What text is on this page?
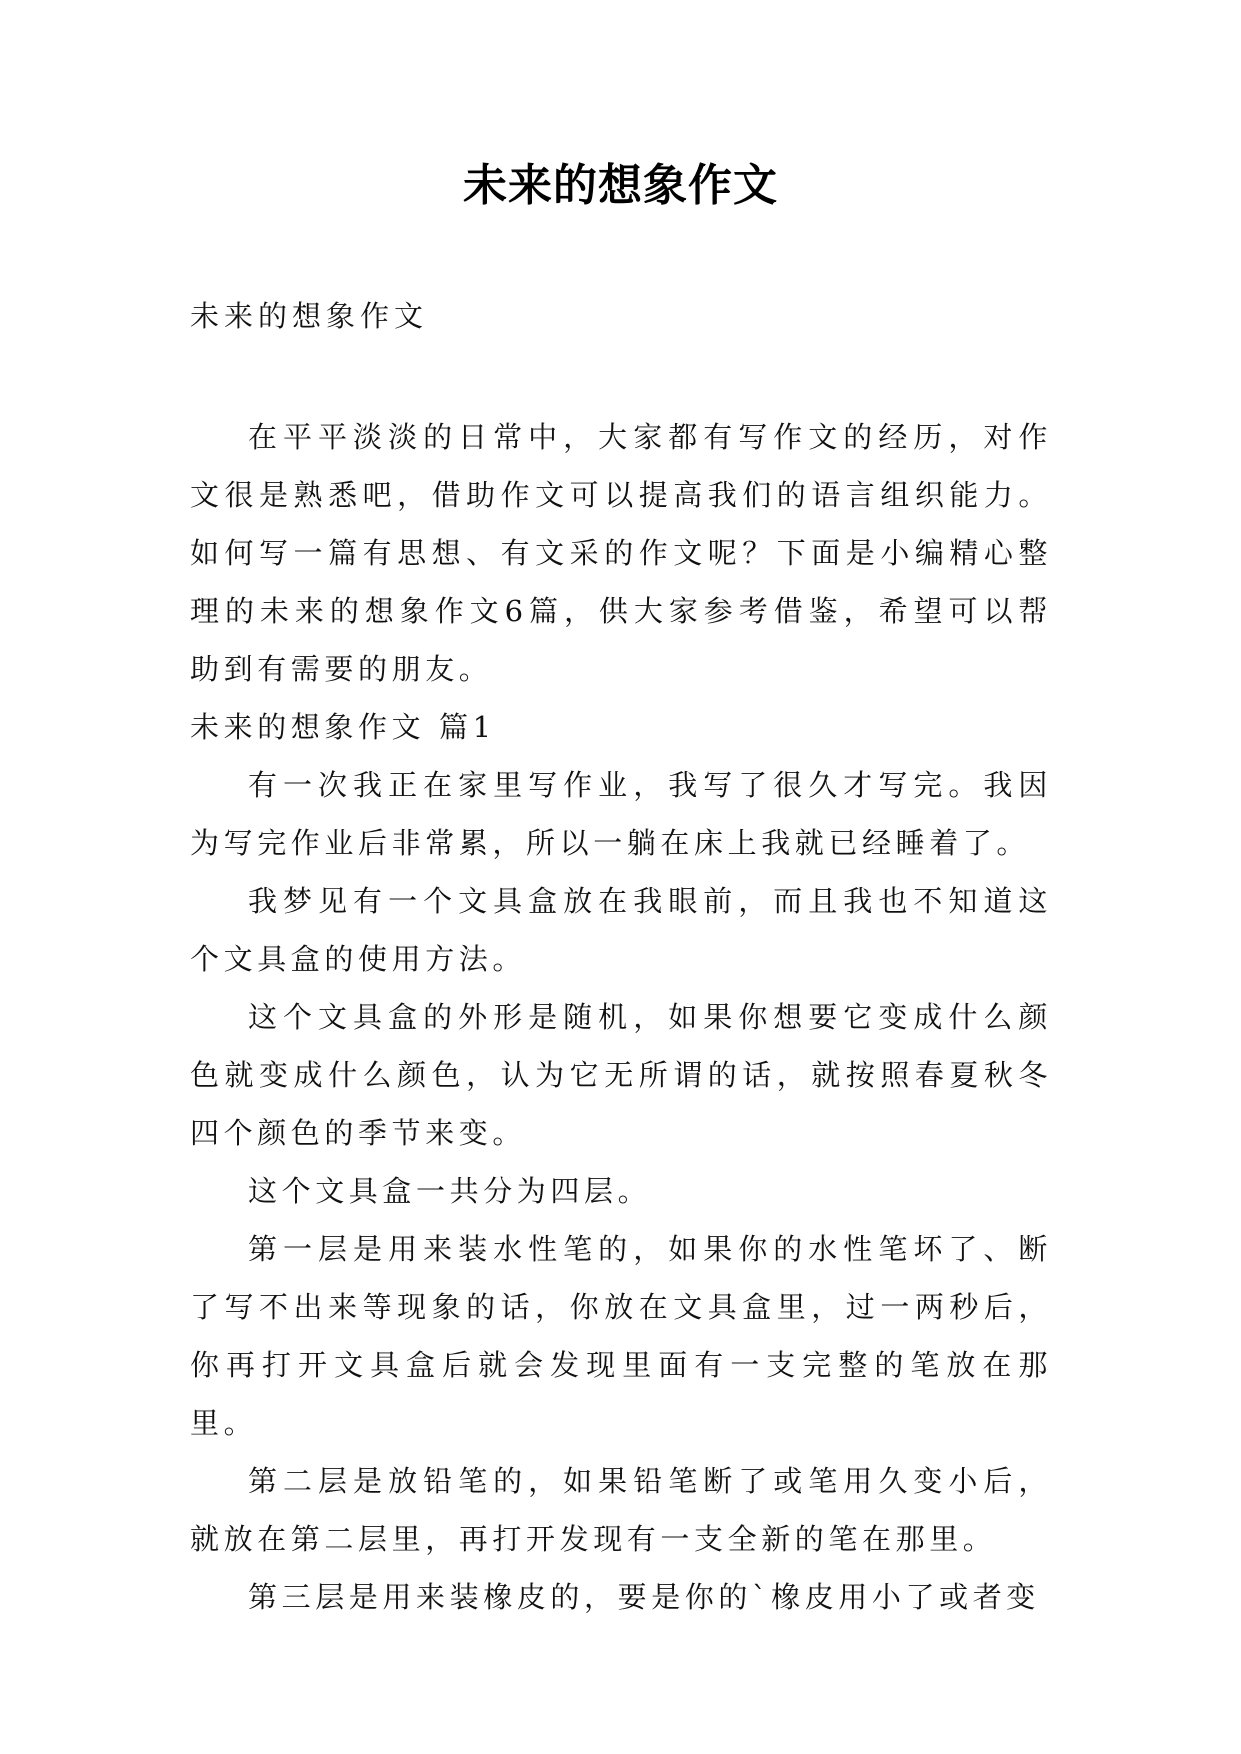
未来的想象作文
未来的想象作文

在平平淡淡的日常中，大家都有写作文的经历，对作文很是熟悉吧，借助作文可以提高我们的语言组织能力。如何写一篇有思想、有文采的作文呢？下面是小编精心整理的未来的想象作文6篇，供大家参考借鉴，希望可以帮助到有需要的朋友。

未来的想象作文 篇1

有一次我正在家里写作业，我写了很久才写完。我因为写完作业后非常累，所以一躺在床上我就已经睡着了。

我梦见有一个文具盒放在我眼前，而且我也不知道这个文具盒的使用方法。

这个文具盒的外形是随机，如果你想要它变成什么颜色就变成什么颜色，认为它无所谓的话，就按照春夏秋冬四个颜色的季节来变。

这个文具盒一共分为四层。

第一层是用来装水性笔的，如果你的水性笔坏了、断了写不出来等现象的话，你放在文具盒里，过一两秒后，你再打开文具盒后就会发现里面有一支完整的笔放在那里。

第二层是放铅笔的，如果铅笔断了或笔用久变小后，就放在第二层里，再打开发现有一支全新的笔在那里。

第三层是用来装橡皮的，要是你的`橡皮用小了或者变
